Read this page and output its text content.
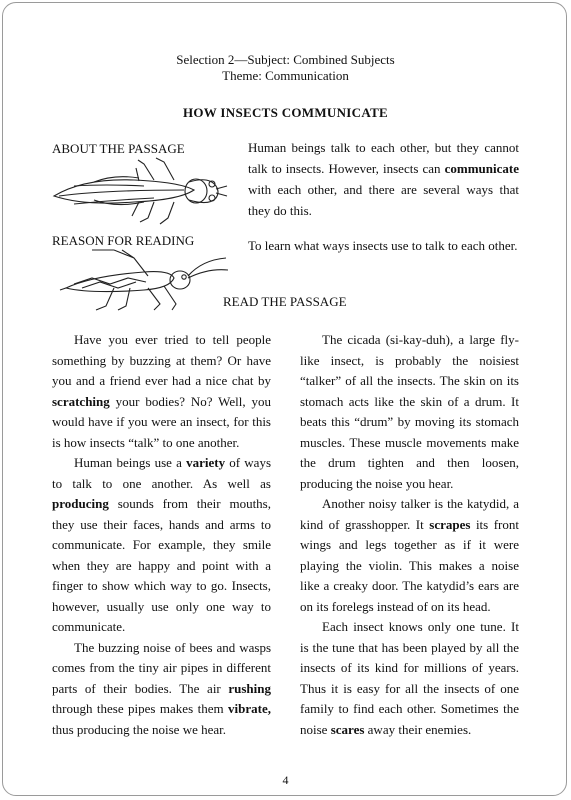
Selection 2—Subject: Combined Subjects
Theme: Communication
HOW INSECTS COMMUNICATE
ABOUT THE PASSAGE	Human beings talk to each other, but they cannot talk to insects. However, insects can communicate with each other, and there are several ways that they do this.
REASON FOR READING	To learn what ways insects use to talk to each other.
READ THE PASSAGE

Have you ever tried to tell people something by buzzing at them? Or have you and a friend ever had a nice chat by scratching your bodies? No? Well, you would have if you were an insect, for this is how insects “talk” to one another.

Human beings use a variety of ways to talk to one another. As well as producing sounds from their mouths, they use their faces, hands and arms to communicate. For example, they smile when they are happy and point with a finger to show which way to go. Insects, however, usually use only one way to communicate.

The buzzing noise of bees and wasps comes from the tiny air pipes in different parts of their bodies. The air rushing through these pipes makes them vibrate, thus producing the noise we hear.

The cicada (si-kay-duh), a large fly-like insect, is probably the noisiest “talker” of all the insects. The skin on its stomach acts like the skin of a drum. It beats this “drum” by moving its stomach muscles. These muscle movements make the drum tighten and then loosen, producing the noise you hear.

Another noisy talker is the katydid, a kind of grasshopper. It scrapes its front wings and legs together as if it were playing the violin. This makes a noise like a creaky door. The katydid’s ears are on its forelegs instead of on its head.

Each insect knows only one tune. It is the tune that has been played by all the insects of its kind for millions of years. Thus it is easy for all the insects of one family to find each other. Sometimes the noise scares away their enemies.

4
